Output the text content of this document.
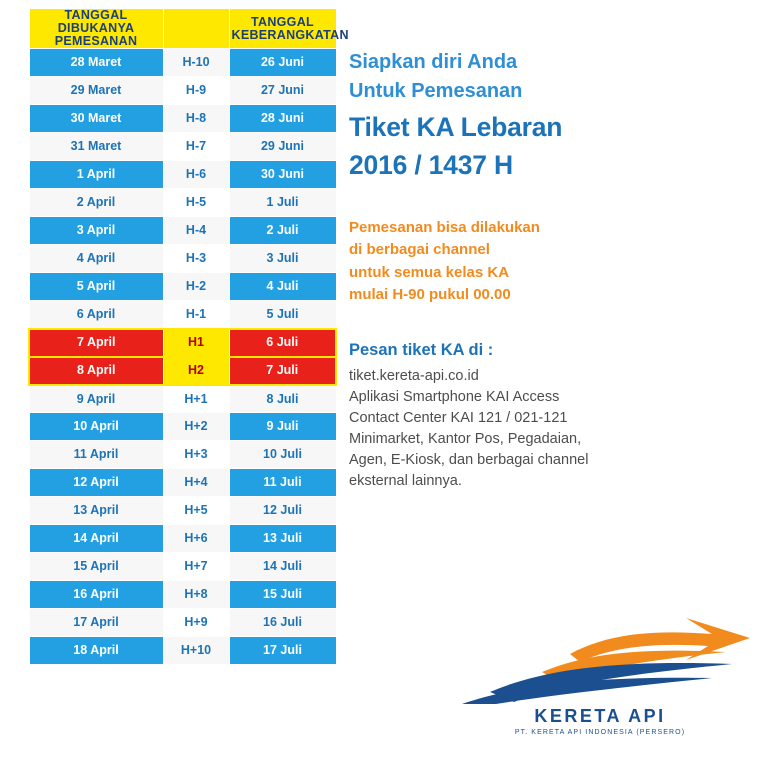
TANGGAL DIBUKANYA PEMESANAN		TANGGAL KEBERANGKATAN

28 Maret	H-10	26 Juni
29 Maret	H-9	27 Juni
30 Maret	H-8	28 Juni
31 Maret	H-7	29 Juni
1 April	H-6	30 Juni
2 April	H-5	1 Juli
3 April	H-4	2 Juli
4 April	H-3	3 Juli
5 April	H-2	4 Juli
6 April	H-1	5 Juli
7 April	H1	6 Juli
8 April	H2	7 Juli
9 April	H+1	8 Juli
10 April	H+2	9 Juli
11 April	H+3	10 Juli
12 April	H+4	11 Juli
13 April	H+5	12 Juli
14 April	H+6	13 Juli
15 April	H+7	14 Juli
16 April	H+8	15 Juli
17 April	H+9	16 Juli
18 April	H+10	17 Juli
Siapkan diri Anda
Untuk Pemesanan
Tiket KA Lebaran
2016 / 1437 H
Pemesanan bisa dilakukan
di berbagai channel
untuk semua kelas KA
mulai H-90 pukul 00.00
Pesan tiket KA di :
tiket.kereta-api.co.id
Aplikasi Smartphone KAI Access
Contact Center KAI 121 / 021-121
Minimarket, Kantor Pos, Pegadaian,
Agen, E-Kiosk, dan berbagai channel
eksternal lainnya.
KERETA API
PT. KERETA API INDONESIA (PERSERO)
